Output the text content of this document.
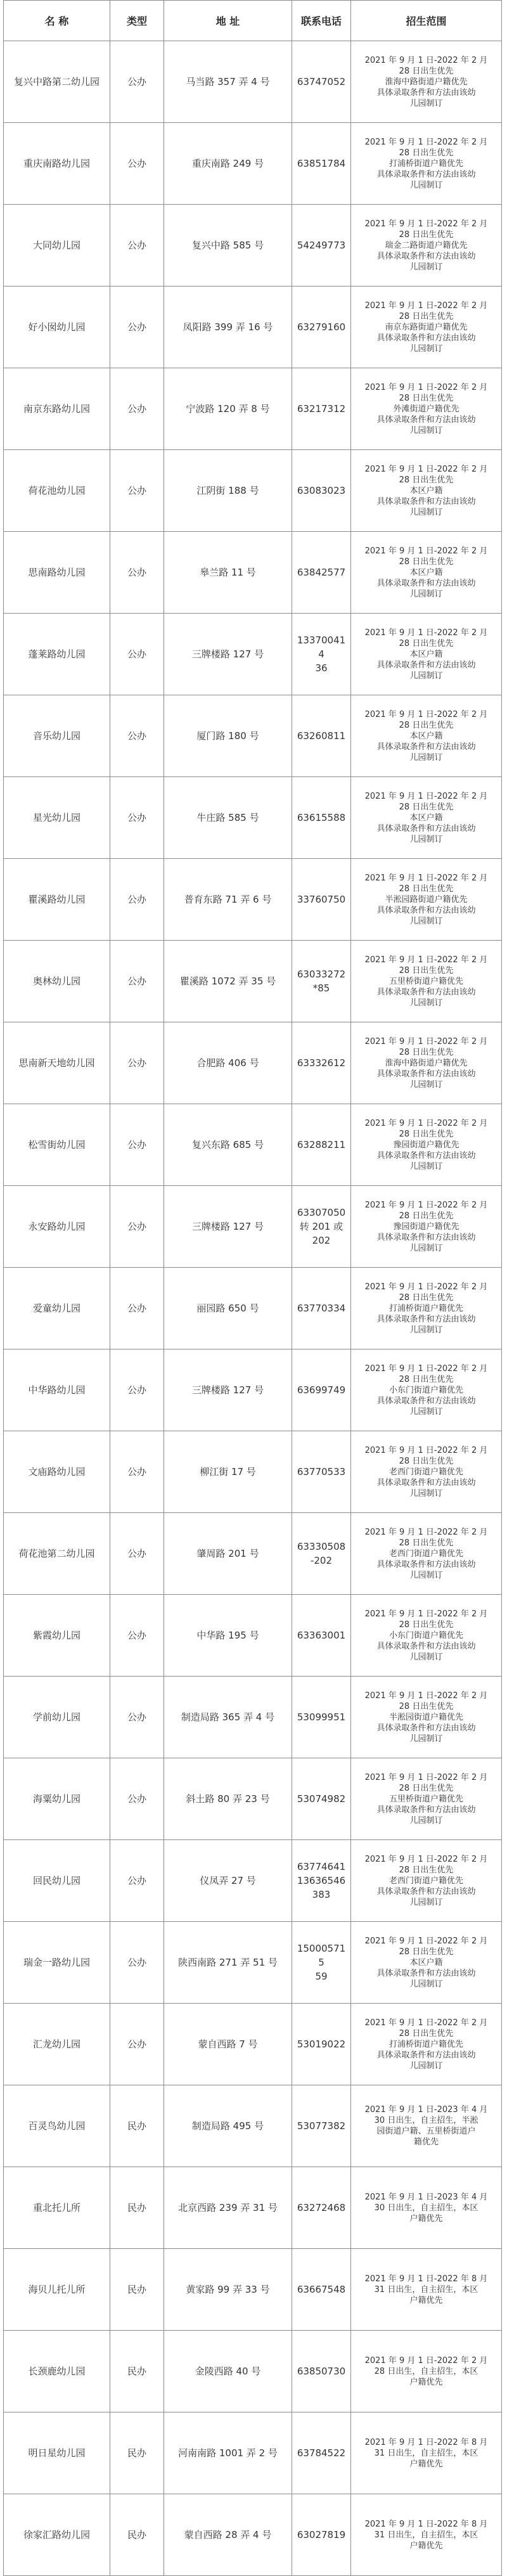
名 称	类型	地 址	联系电话	招生范围
复兴中路第二幼儿园	公办	马当路 357 弄 4 号	63747052	2021 年 9 月 1 日-2022 年 2 月
28 日出生优先
淮海中路街道户籍优先
具体录取条件和方法由该幼
儿园制订

重庆南路幼儿园	公办	重庆南路 249 号	63851784	2021 年 9 月 1 日-2022 年 2 月
28 日出生优先
打浦桥街道户籍优先
具体录取条件和方法由该幼
儿园制订

大同幼儿园	公办	复兴中路 585 号	54249773	2021 年 9 月 1 日-2022 年 2 月
28 日出生优先
瑞金二路街道户籍优先
具体录取条件和方法由该幼
儿园制订

好小囡幼儿园	公办	凤阳路 399 弄 16 号	63279160	2021 年 9 月 1 日-2022 年 2 月
28 日出生优先
南京东路街道户籍优先
具体录取条件和方法由该幼
儿园制订

南京东路幼儿园	公办	宁波路 120 弄 8 号	63217312	2021 年 9 月 1 日-2022 年 2 月
28 日出生优先
外滩街道户籍优先
具体录取条件和方法由该幼
儿园制订

荷花池幼儿园	公办	江阴街 188 号	63083023	2021 年 9 月 1 日-2022 年 2 月
28 日出生优先
本区户籍
具体录取条件和方法由该幼
儿园制订

思南路幼儿园	公办	皋兰路 11 号	63842577	2021 年 9 月 1 日-2022 年 2 月
28 日出生优先
本区户籍
具体录取条件和方法由该幼
儿园制订

蓬莱路幼儿园	公办	三牌楼路 127 号	133700414
36	2021 年 9 月 1 日-2022 年 2 月
28 日出生优先
本区户籍
具体录取条件和方法由该幼
儿园制订

音乐幼儿园	公办	厦门路 180 号	63260811	2021 年 9 月 1 日-2022 年 2 月
28 日出生优先
本区户籍
具体录取条件和方法由该幼
儿园制订

星光幼儿园	公办	牛庄路 585 号	63615588	2021 年 9 月 1 日-2022 年 2 月
28 日出生优先
本区户籍
具体录取条件和方法由该幼
儿园制订

瞿溪路幼儿园	公办	普育东路 71 弄 6 号	33760750	2021 年 9 月 1 日-2022 年 2 月
28 日出生优先
半淞园路街道户籍优先
具体录取条件和方法由该幼
儿园制订

奥林幼儿园	公办	瞿溪路 1072 弄 35 号	63033272
*85	2021 年 9 月 1 日-2022 年 2 月
28 日出生优先
五里桥街道户籍优先
具体录取条件和方法由该幼
儿园制订

思南新天地幼儿园	公办	合肥路 406 号	63332612	2021 年 9 月 1 日-2022 年 2 月
28 日出生优先
淮海中路街道户籍优先
具体录取条件和方法由该幼
儿园制订

松雪街幼儿园	公办	复兴东路 685 号	63288211	2021 年 9 月 1 日-2022 年 2 月
28 日出生优先
豫园街道户籍优先
具体录取条件和方法由该幼
儿园制订

永安路幼儿园	公办	三牌楼路 127 号	63307050
转 201 或
202	2021 年 9 月 1 日-2022 年 2 月
28 日出生优先
豫园街道户籍优先
具体录取条件和方法由该幼
儿园制订

爱童幼儿园	公办	丽园路 650 号	63770334	2021 年 9 月 1 日-2022 年 2 月
28 日出生优先
打浦桥街道户籍优先
具体录取条件和方法由该幼
儿园制订

中华路幼儿园	公办	三牌楼路 127 号	63699749	2021 年 9 月 1 日-2022 年 2 月
28 日出生优先
小东门街道户籍优先
具体录取条件和方法由该幼
儿园制订

文庙路幼儿园	公办	柳江街 17 号	63770533	2021 年 9 月 1 日-2022 年 2 月
28 日出生优先
老西门街道户籍优先
具体录取条件和方法由该幼
儿园制订

荷花池第二幼儿园	公办	肇周路 201 号	63330508
-202	2021 年 9 月 1 日-2022 年 2 月
28 日出生优先
老西门街道户籍优先
具体录取条件和方法由该幼
儿园制订

紫霞幼儿园	公办	中华路 195 号	63363001	2021 年 9 月 1 日-2022 年 2 月
28 日出生优先
小东门街道户籍优先
具体录取条件和方法由该幼
儿园制订

学前幼儿园	公办	制造局路 365 弄 4 号	53099951	2021 年 9 月 1 日-2022 年 2 月
28 日出生优先
半淞园街道户籍优先
具体录取条件和方法由该幼
儿园制订

海粟幼儿园	公办	斜土路 80 弄 23 号	53074982	2021 年 9 月 1 日-2022 年 2 月
28 日出生优先
五里桥街道户籍优先
具体录取条件和方法由该幼
儿园制订

回民幼儿园	公办	仪凤弄 27 号	63774641
13636546
383	2021 年 9 月 1 日-2022 年 2 月
28 日出生优先
老西门街道户籍优先
具体录取条件和方法由该幼
儿园制订

瑞金一路幼儿园	公办	陕西南路 271 弄 51 号	150005715
59	2021 年 9 月 1 日-2022 年 2 月
28 日出生优先
本区户籍
具体录取条件和方法由该幼
儿园制订

汇龙幼儿园	公办	蒙自西路 7 号	53019022	2021 年 9 月 1 日-2022 年 2 月
28 日出生优先
打浦桥街道户籍优先
具体录取条件和方法由该幼
儿园制订

百灵鸟幼儿园	民办	制造局路 495 号	53077382	2021 年 9 月 1 日-2023 年 4 月
30 日出生，自主招生，半淞
园街道户籍、五里桥街道户
籍优先

重北托儿所	民办	北京西路 239 弄 31 号	63272468	2021 年 9 月 1 日-2023 年 4 月
30 日出生，自主招生，本区
户籍优先

海贝儿托儿所	民办	黄家路 99 弄 33 号	63667548	2021 年 9 月 1 日-2022 年 8 月
31 日出生，自主招生，本区
户籍优先

长颈鹿幼儿园	民办	金陵西路 40 号	63850730	2021 年 9 月 1 日-2022 年 2 月
28 日出生，自主招生，本区
户籍优先

明日星幼儿园	民办	河南南路 1001 弄 2 号	63784522	2021 年 9 月 1 日-2022 年 8 月
31 日出生，自主招生，本区
户籍优先

徐家汇路幼儿园	民办	蒙自西路 28 弄 4 号	63027819	2021 年 9 月 1 日-2022 年 8 月
31 日出生，自主招生，本区
户籍优先
